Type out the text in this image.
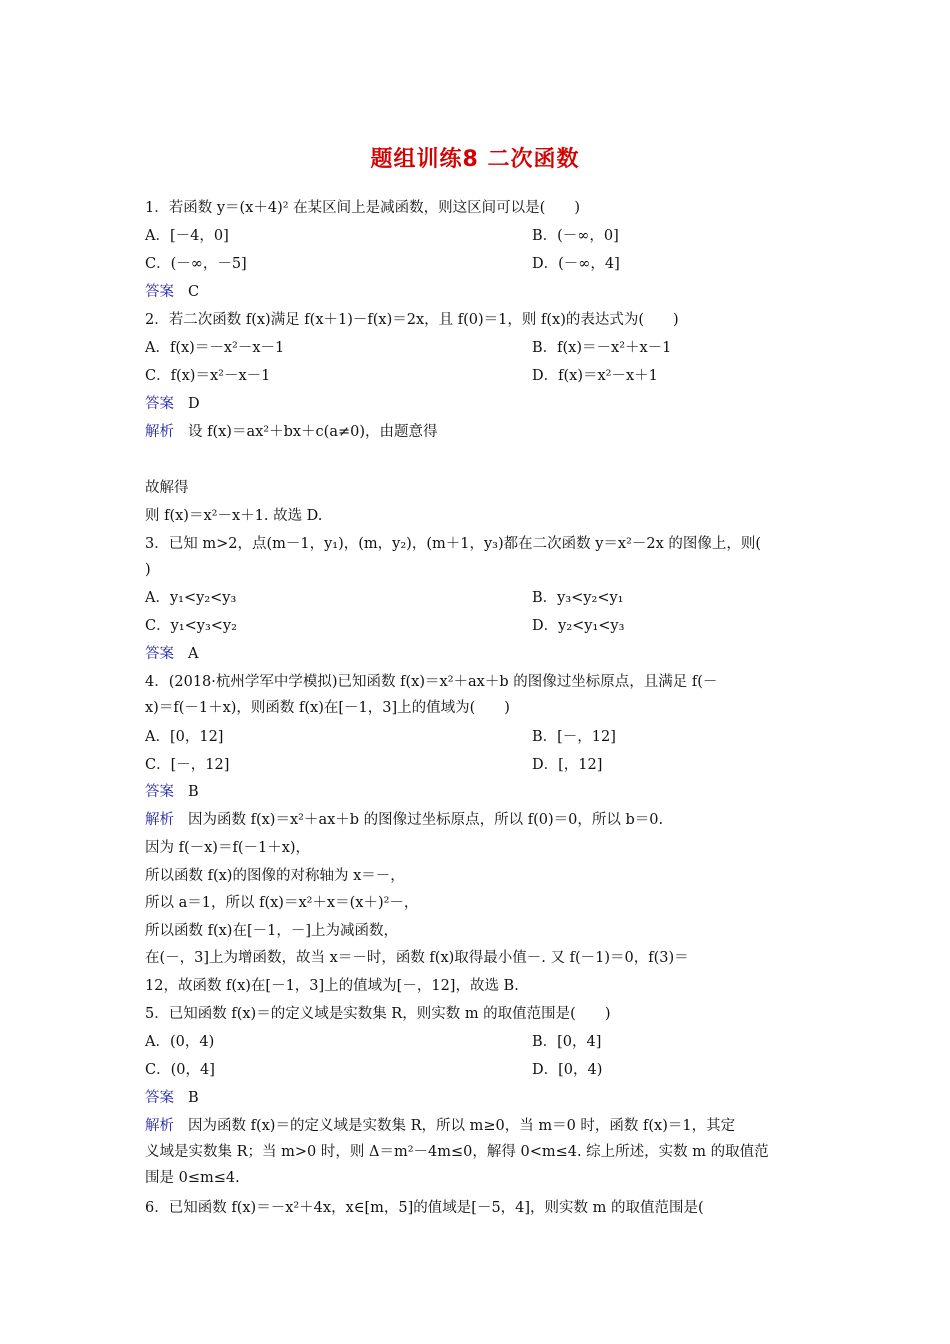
题组训练8 二次函数
1．若函数 y＝(x＋4)² 在某区间上是减函数，则这区间可以是(　　)
A．[－4，0]	B．(－∞，0]
C．(－∞，－5]	D．(－∞，4]
答案 C
2．若二次函数 f(x)满足 f(x＋1)－f(x)＝2x，且 f(0)＝1，则 f(x)的表达式为(　　)
A．f(x)＝－x²－x－1	B．f(x)＝－x²＋x－1
C．f(x)＝x²－x－1	D．f(x)＝x²－x＋1
答案 D
解析 设 f(x)＝ax²＋bx＋c(a≠0)，由题意得
故解得
则 f(x)＝x²－x＋1. 故选 D.
3．已知 m>2，点(m－1，y₁)，(m，y₂)，(m＋1，y₃)都在二次函数 y＝x²－2x 的图像上，则(
)
A．y₁<y₂<y₃	B．y₃<y₂<y₁
C．y₁<y₃<y₂	D．y₂<y₁<y₃
答案 A
4．(2018·杭州学军中学模拟)已知函数 f(x)＝x²＋ax＋b 的图像过坐标原点，且满足 f(－
x)＝f(－1＋x)，则函数 f(x)在[－1，3]上的值域为(　　)
A．[0，12]	B．[－，12]
C．[－，12]	D．[，12]
答案 B
解析 因为函数 f(x)＝x²＋ax＋b 的图像过坐标原点，所以 f(0)＝0，所以 b＝0.
因为 f(－x)＝f(－1＋x)，
所以函数 f(x)的图像的对称轴为 x＝－，
所以 a＝1，所以 f(x)＝x²＋x＝(x＋)²－，
所以函数 f(x)在[－1，－]上为减函数，
在(－，3]上为增函数，故当 x＝－时，函数 f(x)取得最小值－. 又 f(－1)＝0，f(3)＝
12，故函数 f(x)在[－1，3]上的值域为[－，12]，故选 B.
5．已知函数 f(x)＝的定义域是实数集 R，则实数 m 的取值范围是(　　)
A．(0，4)	B．[0，4]
C．(0，4]	D．[0，4)
答案 B
解析 因为函数 f(x)＝的定义域是实数集 R，所以 m≥0，当 m＝0 时，函数 f(x)＝1，其定
义域是实数集 R；当 m>0 时，则 Δ＝m²－4m≤0，解得 0<m≤4. 综上所述，实数 m 的取值范
围是 0≤m≤4.
6．已知函数 f(x)＝－x²＋4x，x∈[m，5]的值域是[－5，4]，则实数 m 的取值范围是(
